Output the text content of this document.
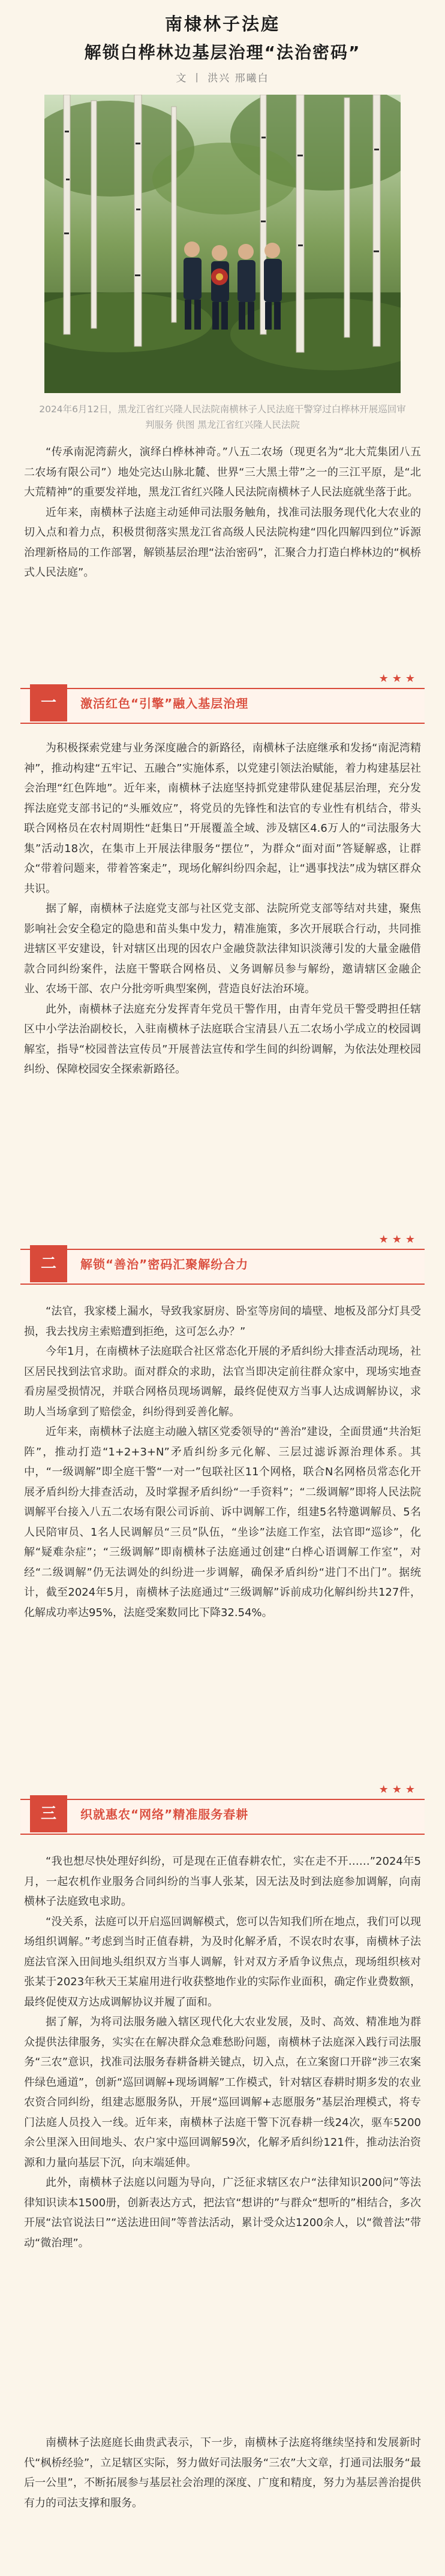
南棣林子法庭
解锁白桦林边基层治理“法治密码”
文 丨 洪兴 邢曦白
2024年6月12日，黑龙江省红兴隆人民法院南横林子人民法庭干警穿过白桦林开展巡回审判服务 供图 黑龙江省红兴隆人民法院

“传承南泥湾薪火，演绎白桦林神奇。”八五二农场（现更名为“北大荒集团八五二农场有限公司”）地处完达山脉北麓、世界“三大黑土带”之一的三江平原，是“北大荒精神”的重要发祥地，黑龙江省红兴隆人民法院南横林子人民法庭就坐落于此。

近年来，南横林子法庭主动延伸司法服务触角，找准司法服务现代化大农业的切入点和着力点，积极贯彻落实黑龙江省高级人民法院构建“四化四解四到位”诉源治理新格局的工作部署，解锁基层治理“法治密码”，汇聚合力打造白桦林边的“枫桥式人民法庭”。

★★★
一	激活红色“引擎”融入基层治理

为积极探索党建与业务深度融合的新路径，南横林子法庭继承和发扬“南泥湾精神”，推动构建“五牢记、五融合”实施体系，以党建引领法治赋能，着力构建基层社会治理“红色阵地”。近年来，南横林子法庭坚持抓党建带队建促基层治理，充分发挥法庭党支部书记的“头雁效应”，将党员的先锋性和法官的专业性有机结合，带头联合网格员在农村周期性“赶集日”开展覆盖全域、涉及辖区4.6万人的“司法服务大集”活动18次，在集市上开展法律服务“摆位”，为群众“面对面”答疑解惑，让群众“带着问题来，带着答案走”，现场化解纠纷四余起，让“遇事找法”成为辖区群众共识。

据了解，南横林子法庭党支部与社区党支部、法院所党支部等结对共建，聚焦影响社会安全稳定的隐患和苗头集中发力，精准施策，多次开展联合行动，共同推进辖区平安建设，针对辖区出现的因农户金融贷款法律知识淡薄引发的大量金融借款合同纠纷案件，法庭干警联合网格员、义务调解员参与解纷，邀请辖区金融企业、农场干部、农户分批旁听典型案例，营造良好法治环境。

此外，南横林子法庭充分发挥青年党员干警作用，由青年党员干警受聘担任辖区中小学法治副校长，入驻南横林子法庭联合宝清县八五二农场小学成立的校园调解室，指导“校园普法宣传员”开展普法宣传和学生间的纠纷调解，为依法处理校园纠纷、保障校园安全探索新路径。

★★★
二	解锁“善治”密码汇聚解纷合力

“法官，我家楼上漏水，导致我家厨房、卧室等房间的墙壁、地板及部分灯具受损，我去找房主索赔遭到拒绝，这可怎么办？”

今年1月，在南横林子法庭联合社区常态化开展的矛盾纠纷大排查活动现场，社区居民找到法官求助。面对群众的求助，法官当即决定前往群众家中，现场实地查看房屋受损情况，并联合网格员现场调解，最终促使双方当事人达成调解协议，求助人当场拿到了赔偿金，纠纷得到妥善化解。

近年来，南横林子法庭主动融入辖区党委领导的“善治”建设，全面贯通“共治矩阵”，推动打造“1+2+3+N”矛盾纠纷多元化解、三层过滤诉源治理体系。其中，“一级调解”即全庭干警“一对一”包联社区11个网格，联合N名网格员常态化开展矛盾纠纷大排查活动，及时掌握矛盾纠纷“一手资料”；“二级调解”即将人民法院调解平台接入八五二农场有限公司诉前、诉中调解工作，组建5名特邀调解员、5名人民陪审员、1名人民调解员“三员”队伍，“坐诊”法庭工作室，法官即“巡诊”，化解“疑难杂症”；“三级调解”即南横林子法庭通过创建“白桦心语调解工作室”，对经“二级调解”仍无法调处的纠纷进一步调解，确保矛盾纠纷“进门不出门”。据统计，截至2024年5月，南横林子法庭通过“三级调解”诉前成功化解纠纷共127件，化解成功率达95%，法庭受案数同比下降32.54%。

★★★
三	织就惠农“网络”精准服务春耕

“我也想尽快处理好纠纷，可是现在正值春耕农忙，实在走不开……”2024年5月，一起农机作业服务合同纠纷的当事人张某，因无法及时到法庭参加调解，向南横林子法庭致电求助。

“没关系，法庭可以开启巡回调解模式，您可以告知我们所在地点，我们可以现场组织调解。”考虑到当时正值春耕，为及时化解矛盾，不误农时农事，南横林子法庭法官深入田间地头组织双方当事人调解，针对双方矛盾争议焦点，现场组织核对张某于2023年秋天王某雇用进行收获整地作业的实际作业面积，确定作业费数额，最终促使双方达成调解协议并履了面和。

据了解，为将司法服务融入辖区现代化大农业发展，及时、高效、精准地为群众提供法律服务，实实在在解决群众急难愁盼问题，南横林子法庭深入践行司法服务“三农”意识，找准司法服务春耕备耕关键点，切入点，在立案窗口开辟“涉三农案件绿色通道”，创新“巡回调解+现场调解”工作模式，针对辖区春耕时期多发的农业农资合同纠纷，组建志愿服务队，开展“巡回调解+志愿服务”基层治理模式，将专门法庭人员投入一线。近年来，南横林子法庭干警下沉春耕一线24次，驱车5200余公里深入田间地头、农户家中巡回调解59次，化解矛盾纠纷121件，推动法治资源和力量向基层下沉，向末端延伸。

此外，南横林子法庭以问题为导向，广泛征求辖区农户“法律知识200问”等法律知识读本1500册，创新表达方式，把法官“想讲的”与群众“想听的”相结合，多次开展“法官说法日”“送法进田间”等普法活动，累计受众达1200余人，以“微普法”带动“微治理”。

南横林子法庭庭长曲贵武表示，下一步，南横林子法庭将继续坚持和发展新时代“枫桥经验”，立足辖区实际，努力做好司法服务“三农”大文章，打通司法服务“最后一公里”，不断拓展参与基层社会治理的深度、广度和精度，努力为基层善治提供有力的司法支撑和服务。
